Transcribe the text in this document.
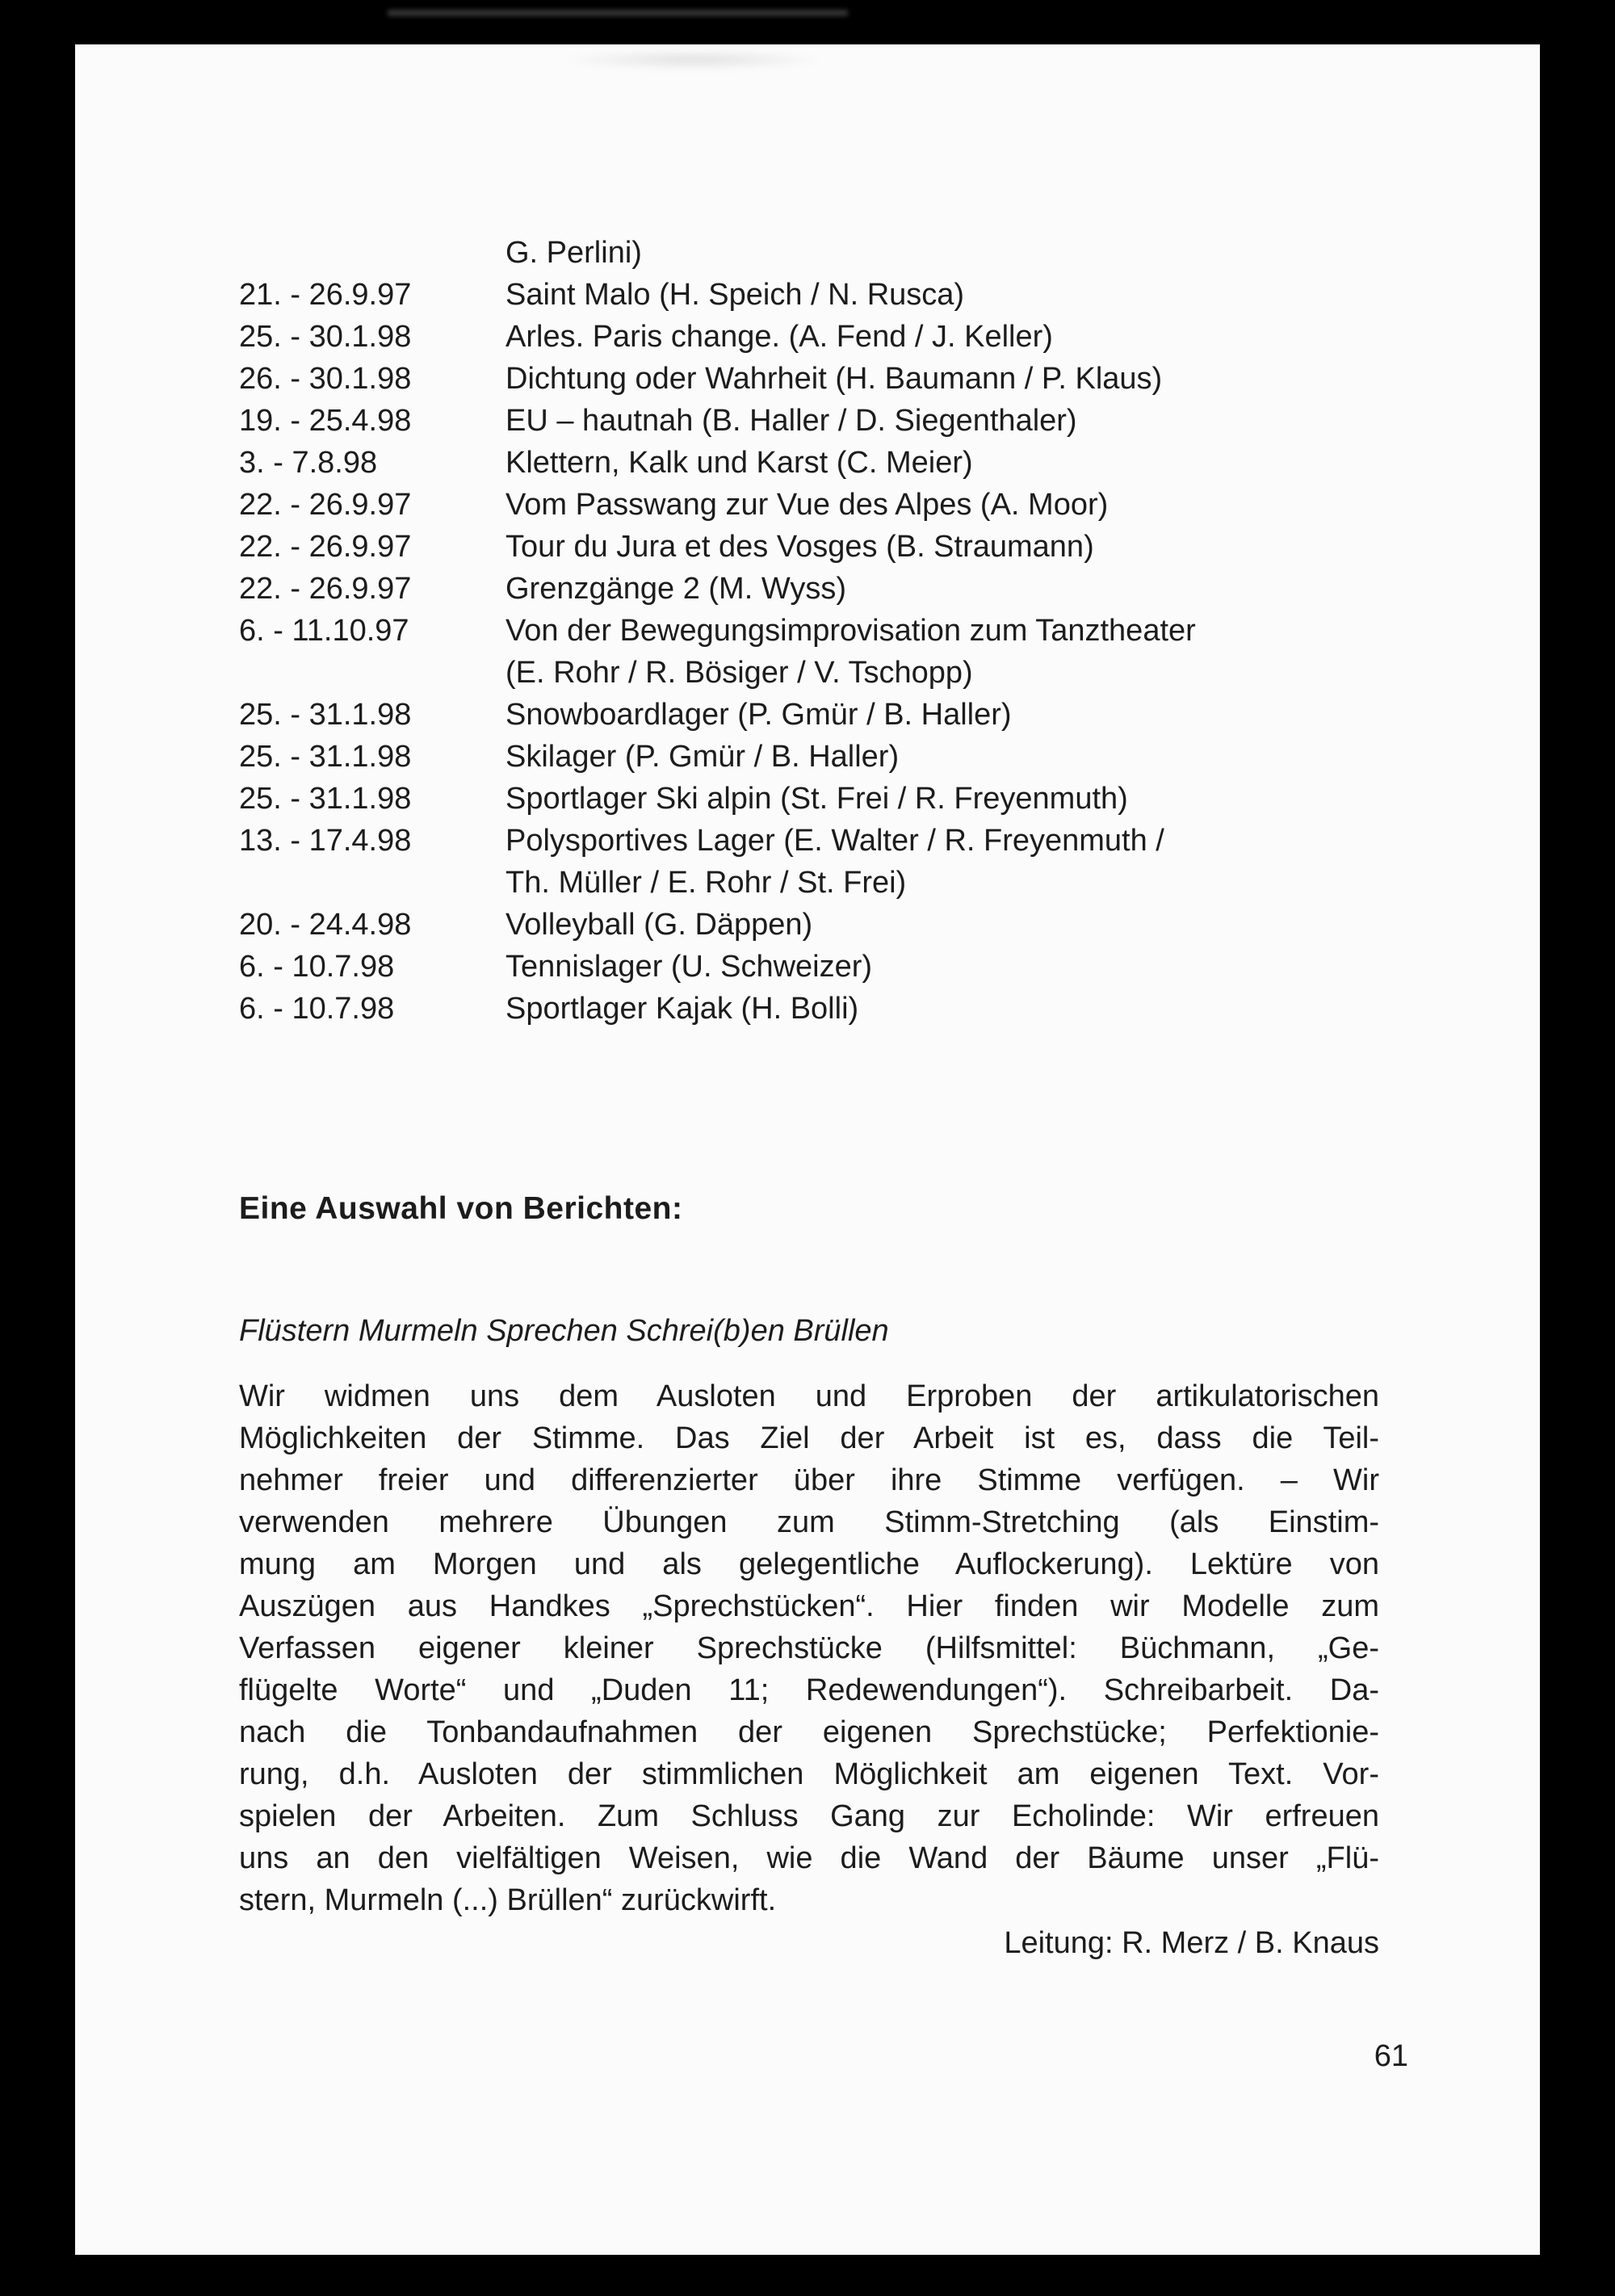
G. Perlini)
21. - 26.9.97	Saint Malo (H. Speich / N. Rusca)
25. - 30.1.98	Arles. Paris change. (A. Fend / J. Keller)
26. - 30.1.98	Dichtung oder Wahrheit (H. Baumann / P. Klaus)
19. - 25.4.98	EU – hautnah (B. Haller / D. Siegenthaler)
3. - 7.8.98	Klettern, Kalk und Karst (C. Meier)
22. - 26.9.97	Vom Passwang zur Vue des Alpes (A. Moor)
22. - 26.9.97	Tour du Jura et des Vosges (B. Straumann)
22. - 26.9.97	Grenzgänge 2 (M. Wyss)
6. - 11.10.97	Von der Bewegungsimprovisation zum Tanztheater
(E. Rohr / R. Bösiger / V. Tschopp)
25. - 31.1.98	Snowboardlager (P. Gmür / B. Haller)
25. - 31.1.98	Skilager (P. Gmür / B. Haller)
25. - 31.1.98	Sportlager Ski alpin (St. Frei / R. Freyenmuth)
13. - 17.4.98	Polysportives Lager (E. Walter / R. Freyenmuth /
Th. Müller / E. Rohr / St. Frei)
20. - 24.4.98	Volleyball (G. Däppen)
6. - 10.7.98	Tennislager (U. Schweizer)
6. - 10.7.98	Sportlager Kajak (H. Bolli)
Eine Auswahl von Berichten:
Flüstern Murmeln Sprechen Schrei(b)en Brüllen
Wir widmen uns dem Ausloten und Erproben der artikulatorischen
Möglichkeiten der Stimme. Das Ziel der Arbeit ist es, dass die Teil-
nehmer freier und differenzierter über ihre Stimme verfügen. – Wir
verwenden mehrere Übungen zum Stimm-Stretching (als Einstim-
mung am Morgen und als gelegentliche Auflockerung). Lektüre von
Auszügen aus Handkes „Sprechstücken“. Hier finden wir Modelle zum
Verfassen eigener kleiner Sprechstücke (Hilfsmittel: Büchmann, „Ge-
flügelte Worte“ und „Duden 11; Redewendungen“). Schreibarbeit. Da-
nach die Tonbandaufnahmen der eigenen Sprechstücke; Perfektionie-
rung, d.h. Ausloten der stimmlichen Möglichkeit am eigenen Text. Vor-
spielen der Arbeiten. Zum Schluss Gang zur Echolinde: Wir erfreuen
uns an den vielfältigen Weisen, wie die Wand der Bäume unser „Flü-
stern, Murmeln (...) Brüllen“ zurückwirft.
Leitung: R. Merz / B. Knaus
61
